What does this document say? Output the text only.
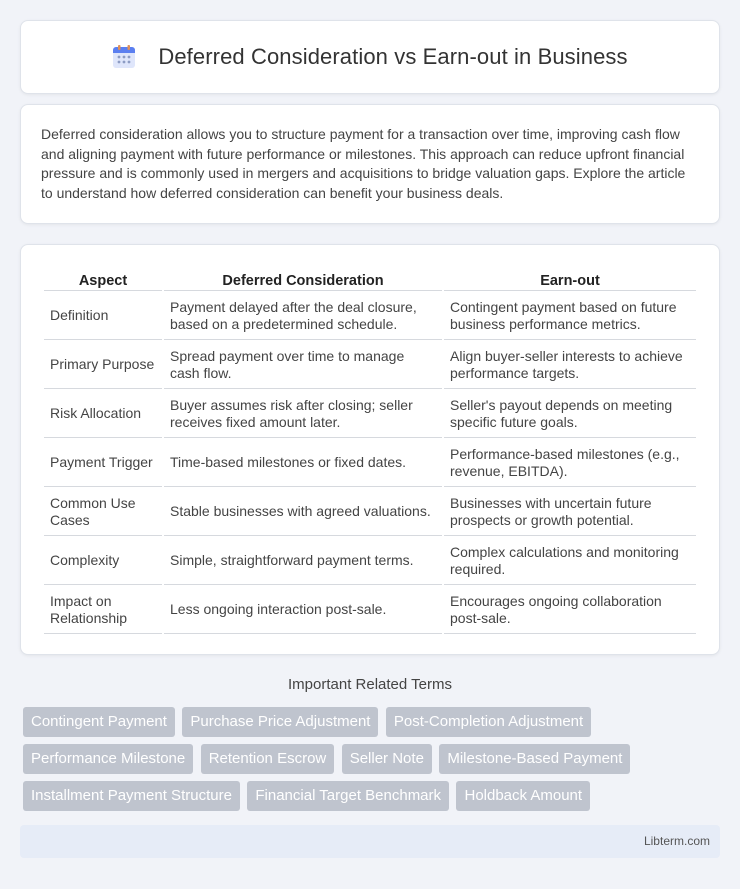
Deferred Consideration vs Earn-out in Business

Deferred consideration allows you to structure payment for a transaction over time, improving cash flow and aligning payment with future performance or milestones. This approach can reduce upfront financial pressure and is commonly used in mergers and acquisitions to bridge valuation gaps. Explore the article to understand how deferred consideration can benefit your business deals.

Aspect	Deferred Consideration	Earn-out
Definition	Payment delayed after the deal closure, based on a predetermined schedule.	Contingent payment based on future business performance metrics.
Primary Purpose	Spread payment over time to manage cash flow.	Align buyer-seller interests to achieve performance targets.
Risk Allocation	Buyer assumes risk after closing; seller receives fixed amount later.	Seller's payout depends on meeting specific future goals.
Payment Trigger	Time-based milestones or fixed dates.	Performance-based milestones (e.g., revenue, EBITDA).
Common Use Cases	Stable businesses with agreed valuations.	Businesses with uncertain future prospects or growth potential.
Complexity	Simple, straightforward payment terms.	Complex calculations and monitoring required.
Impact on Relationship	Less ongoing interaction post-sale.	Encourages ongoing collaboration post-sale.
Important Related Terms
Contingent Payment Purchase Price Adjustment Post-Completion Adjustment Performance Milestone Retention Escrow Seller Note Milestone-Based Payment Installment Payment Structure Financial Target Benchmark Holdback Amount
Libterm.com
